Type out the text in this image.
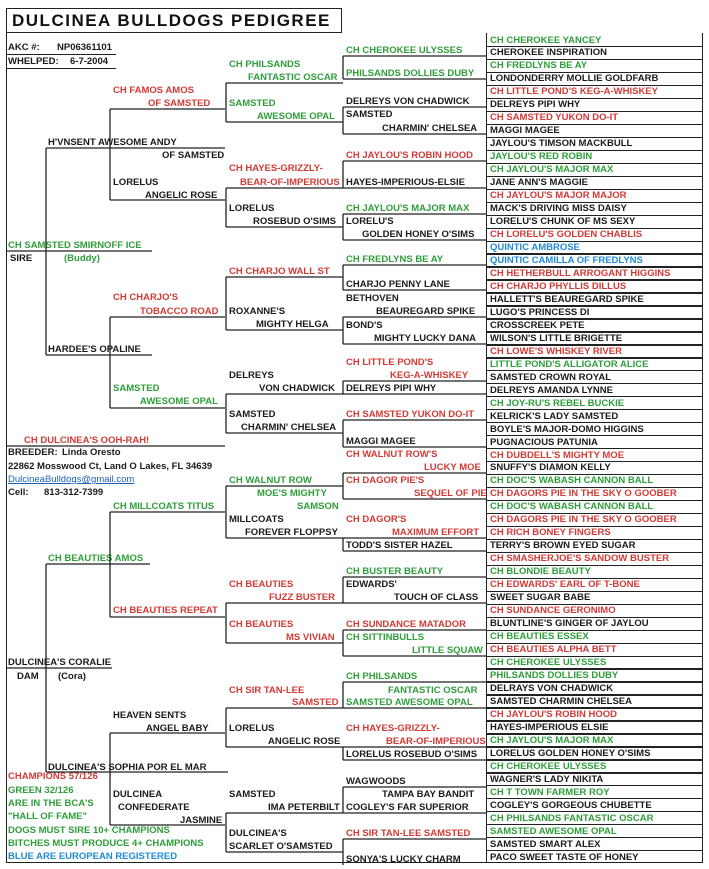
DULCINEA BULLDOGS PEDIGREE
AKC #: NP06361101
WHELPED: 6-7-2004
CH CHEROKEE YANCEY
CHEROKEE INSPIRATION
CH FREDLYNS BE AY
LONDONDERRY MOLLIE GOLDFARB
CH LITTLE POND'S KEG-A-WHISKEY
DELREYS PIPI WHY
CH SAMSTED YUKON DO-IT
MAGGI MAGEE
JAYLOU'S TIMSON MACKBULL
JAYLOU'S RED ROBIN
CH JAYLOU'S MAJOR MAX
JANE ANN'S MAGGIE
CH JAYLOU'S MAJOR MAJOR
MACK'S DRIVING MISS DAISY
LORELU'S CHUNK OF MS SEXY
CH LORELU'S GOLDEN CHABLIS
QUINTIC AMBROSE
QUINTIC CAMILLA OF FREDLYNS
CH HETHERBULL ARROGANT HIGGINS
CH CHARJO PHYLLIS DILLUS
HALLETT'S BEAUREGARD SPIKE
LUGO'S PRINCESS DI
CROSSCREEK PETE
WILSON'S LITTLE BRIGETTE
CH LOWE'S WHISKEY RIVER
LITTLE POND'S ALLIGATOR ALICE
SAMSTED CROWN ROYAL
DELREYS AMANDA LYNNE
CH JOY-RU'S REBEL BUCKIE
KELRICK'S LADY SAMSTED
BOYLE'S MAJOR-DOMO HIGGINS
PUGNACIOUS PATUNIA
CH DUBDELL'S MIGHTY MOE
SNUFFY'S DIAMON KELLY
CH DOC'S WABASH CANNON BALL
CH DAGORS PIE IN THE SKY O GOOBER
CH DOC'S WABASH CANNON BALL
CH DAGORS PIE IN THE SKY O GOOBER
CH RICH BONEY FINGERS
TERRY'S BROWN EYED SUGAR
CH SMASHERJOE'S SANDOW BUSTER
CH BLONDIE BEAUTY
CH EDWARDS' EARL OF T-BONE
SWEET SUGAR BABE
CH SUNDANCE GERONIMO
BLUNTLINE'S GINGER OF JAYLOU
CH BEAUTIES ESSEX
CH BEAUTIES ALPHA BETT
CH CHEROKEE ULYSSES
PHILSANDS DOLLIES DUBY
DELRAYS VON CHADWICK
SAMSTED CHARMIN CHELSEA
CH JAYLOU'S ROBIN HOOD
HAYES-IMPERIOUS ELSIE
CH JAYLOU'S MAJOR MAX
LORELUS GOLDEN HONEY O'SIMS
CH CHEROKEE ULYSSES
WAGNER'S LADY NIKITA
CH T TOWN FARMER ROY
COGLEY'S GORGEOUS CHUBETTE
CH PHILSANDS FANTASTIC OSCAR
SAMSTED AWESOME OPAL
SAMSTED SMART ALEX
PACO SWEET TASTE OF HONEY
CH CHEROKEE ULYSSES
PHILSANDS DOLLIES DUBY
DELREYS VON CHADWICK
SAMSTED
CHARMIN' CHELSEA
CH JAYLOU'S ROBIN HOOD
HAYES-IMPERIOUS-ELSIE
CH JAYLOU'S MAJOR MAX
LORELU'S
GOLDEN HONEY O'SIMS
CH FREDLYNS BE AY
CHARJO PENNY LANE
BETHOVEN
BEAUREGARD SPIKE
BOND'S
MIGHTY LUCKY DANA
CH LITTLE POND'S
KEG-A-WHISKEY
DELREYS PIPI WHY
CH SAMSTED YUKON DO-IT
MAGGI MAGEE
CH WALNUT ROW'S
LUCKY MOE
CH DAGOR PIE'S
SEQUEL OF PIE
CH DAGOR'S
MAXIMUM EFFORT
TODD'S SISTER HAZEL
CH BUSTER BEAUTY
EDWARDS'
TOUCH OF CLASS
CH SUNDANCE MATADOR
CH SITTINBULLS
LITTLE SQUAW
CH PHILSANDS
FANTASTIC OSCAR
SAMSTED AWESOME OPAL
CH HAYES-GRIZZLY-
BEAR-OF-IMPERIOUS
LORELUS ROSEBUD O'SIMS
WAGWOODS
TAMPA BAY BANDIT
COGLEY'S FAR SUPERIOR
CH SIR TAN-LEE SAMSTED
SONYA'S LUCKY CHARM
CH PHILSANDS
FANTASTIC OSCAR
SAMSTED
AWESOME OPAL
CH HAYES-GRIZZLY-
BEAR-OF-IMPERIOUS
LORELUS
ROSEBUD O'SIMS
CH CHARJO WALL ST
ROXANNE'S
MIGHTY HELGA
DELREYS
VON CHADWICK
SAMSTED
CHARMIN' CHELSEA
CH WALNUT ROW
MOE'S MIGHTY
SAMSON
MILLCOATS
FOREVER FLOPPSY
CH BEAUTIES
FUZZ BUSTER
CH BEAUTIES
MS VIVIAN
CH SIR TAN-LEE
SAMSTED
LORELUS
ANGELIC ROSE
SAMSTED
IMA PETERBILT
DULCINEA'S
SCARLET O'SAMSTED
CH FAMOS AMOS
OF SAMSTED
LORELUS
ANGELIC ROSE
CH CHARJO'S
TOBACCO ROAD
SAMSTED
AWESOME OPAL
CH MILLCOATS TITUS
CH BEAUTIES REPEAT
HEAVEN SENTS
ANGEL BABY
DULCINEA
CONFEDERATE
JASMINE
H'VNSENT AWESOME ANDY
OF SAMSTED
HARDEE'S OPALINE
CH BEAUTIES AMOS
DULCINEA'S SOPHIA POR EL MAR
CH SAMSTED SMIRNOFF ICE
SIRE	(Buddy)
DULCINEA'S CORALIE
DAM (Cora)
CH DULCINEA'S OOH-RAH!
BREEDER: Linda Oresto
22862 Mosswood Ct, Land O Lakes, FL 34639
DulcineaBulldogs@gmail.com
Cell: 813-312-7399
CHAMPIONS 57/126
GREEN 32/126
ARE IN THE BCA'S
"HALL OF FAME"
DOGS MUST SIRE 10+ CHAMPIONS
BITCHES MUST PRODUCE 4+ CHAMPIONS
BLUE ARE EUROPEAN REGISTERED
